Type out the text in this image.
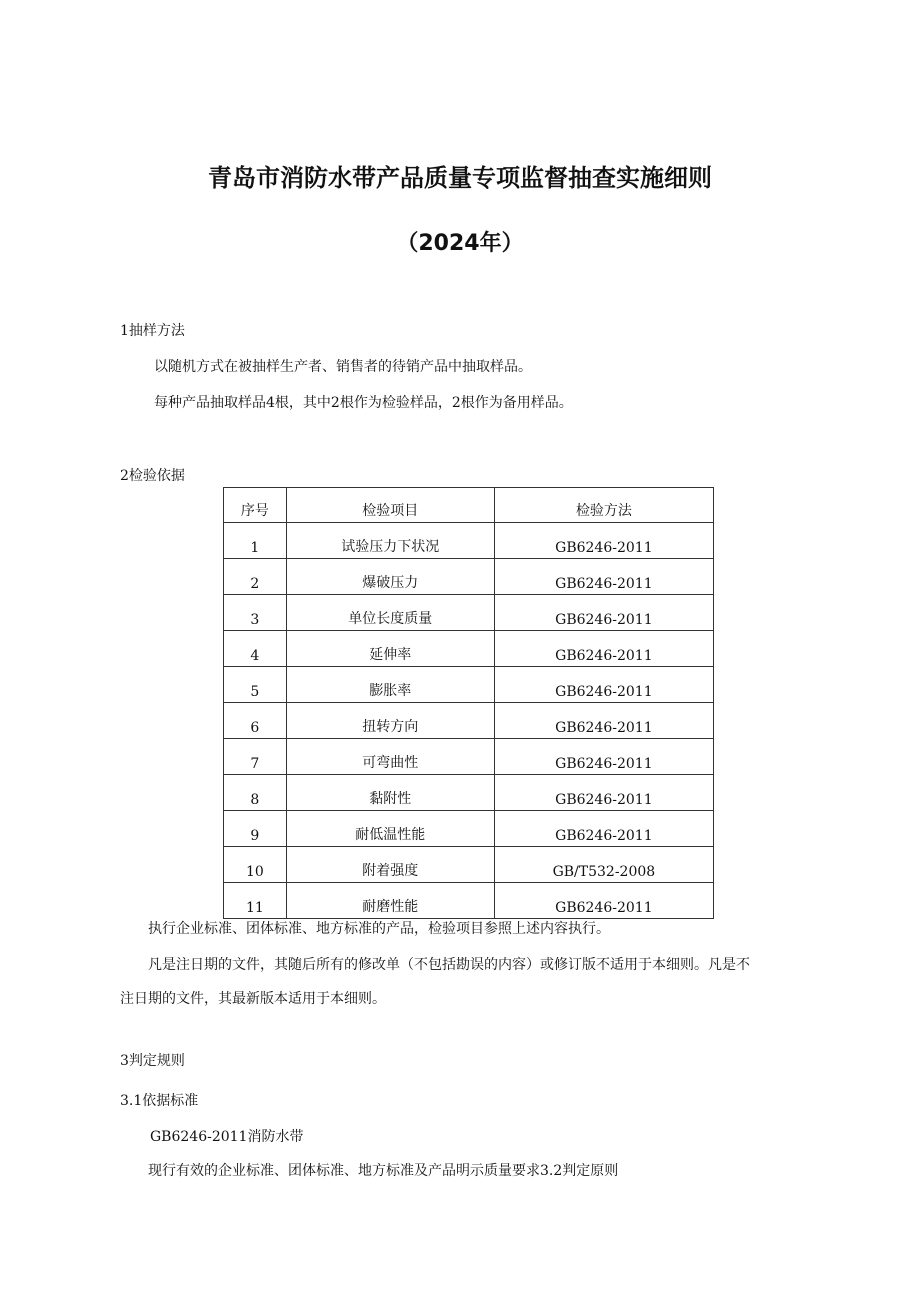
青岛市消防水带产品质量专项监督抽查实施细则
（2024年）
1抽样方法
以随机方式在被抽样生产者、销售者的待销产品中抽取样品。
每种产品抽取样品4根，其中2根作为检验样品，2根作为备用样品。
2检验依据
序号	检验项目	检验方法
1	试验压力下状况	GB6246-2011
2	爆破压力	GB6246-2011
3	单位长度质量	GB6246-2011
4	延伸率	GB6246-2011
5	膨胀率	GB6246-2011
6	扭转方向	GB6246-2011
7	可弯曲性	GB6246-2011
8	黏附性	GB6246-2011
9	耐低温性能	GB6246-2011
10	附着强度	GB/T532-2008
11	耐磨性能	GB6246-2011
执行企业标准、团体标准、地方标准的产品，检验项目参照上述内容执行。
凡是注日期的文件，其随后所有的修改单（不包括勘误的内容）或修订版不适用于本细则。凡是不
注日期的文件，其最新版本适用于本细则。
3判定规则
3.1依据标准
GB6246-2011消防水带
现行有效的企业标准、团体标准、地方标准及产品明示质量要求3.2判定原则
